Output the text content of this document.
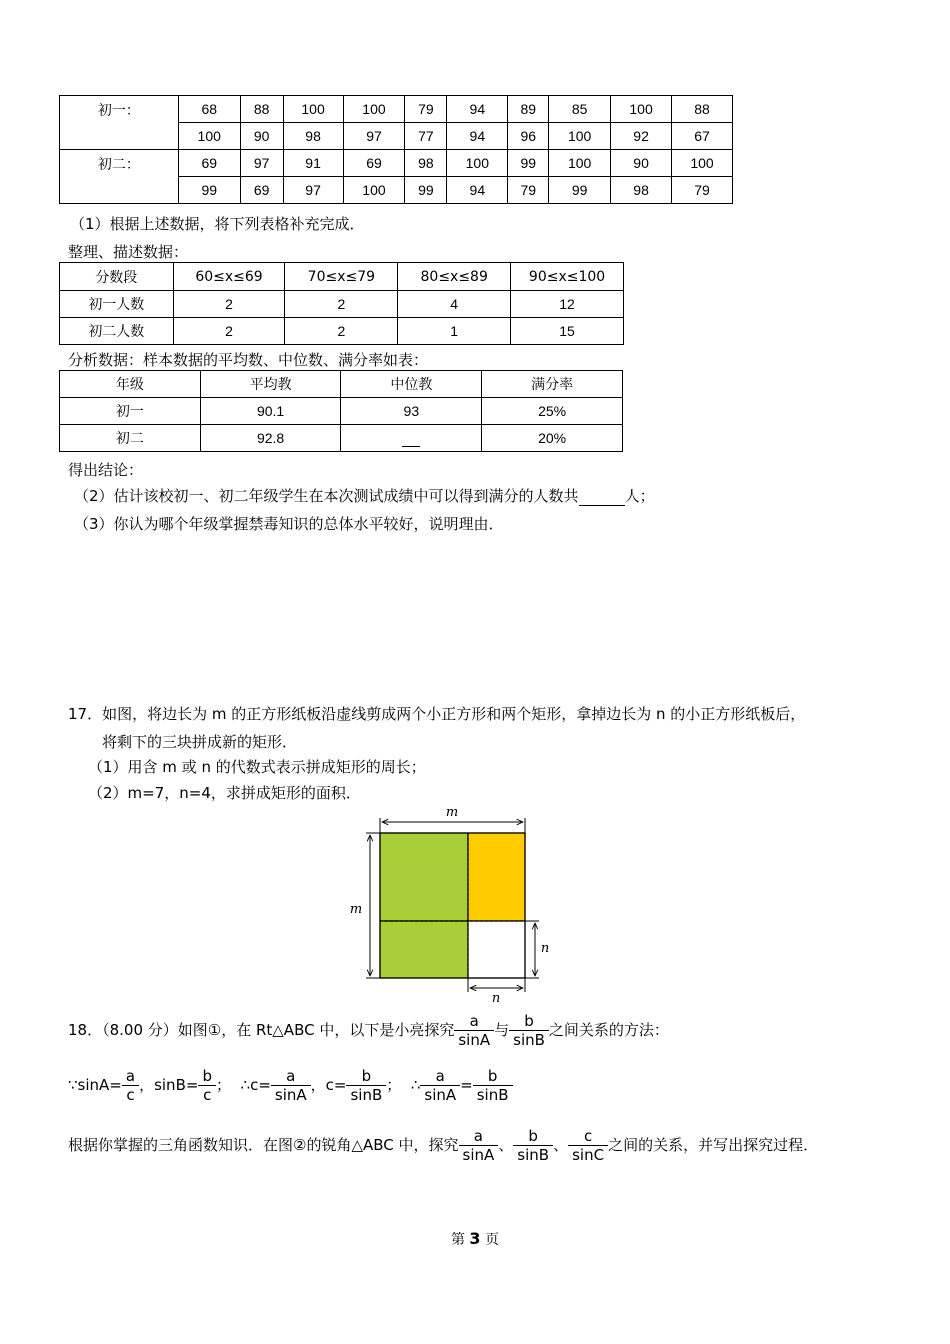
初一：	68	88	100	100	79	94	89	85	100	88
	100	90	98	97	77	94	96	100	92	67
初二：	69	97	91	69	98	100	99	100	90	100
	99	69	97	100	99	94	79	99	98	79
（1）根据上述数据，将下列表格补充完成．
整理、描述数据：
分数段	60≤x≤69	70≤x≤79	80≤x≤89	90≤x≤100
初一人数	2	2	4	12
初二人数	2	2	1	15
分析数据：样本数据的平均数、中位数、满分率如表：
年级	平均教	中位教	满分率
初一	90.1	93	25%
初二	92.8		20%
得出结论：
（2）估计该校初一、初二年级学生在本次测试成绩中可以得到满分的人数共	人；
（3）你认为哪个年级掌握禁毒知识的总体水平较好，说明理由．
17．如图，将边长为 m 的正方形纸板沿虚线剪成两个小正方形和两个矩形，拿掉边长为 n 的小正方形纸板后，
将剩下的三块拼成新的矩形．
（1）用含 m 或 n 的代数式表示拼成矩形的周长；
（2）m=7，n=4，求拼成矩形的面积．
m
m
n
n
18．（8.00 分）如图①，在 Rt△ABC 中，以下是小亮探究 $\frac{a}{\sin A}$ 与 $\frac{b}{\sin B}$ 之间关系的方法：
∵sinA= $\frac{a}{c}$ ，$\sin B= \frac{b}{c}$ ； ∴c= $\frac{a}{\sin A}$ ，$c= \frac{b}{\sin B}$ ； ∴ $\frac{a}{\sin A} = \frac{b}{\sin B}$
根据你掌握的三角函数知识．在图②的锐角△ABC 中，探究 $\frac{a}{\sin A}$ 、 $\frac{b}{\sin B}$ 、 $\frac{c}{\sin C}$ 之间的关系，并写出探究过程．
第 3 页
